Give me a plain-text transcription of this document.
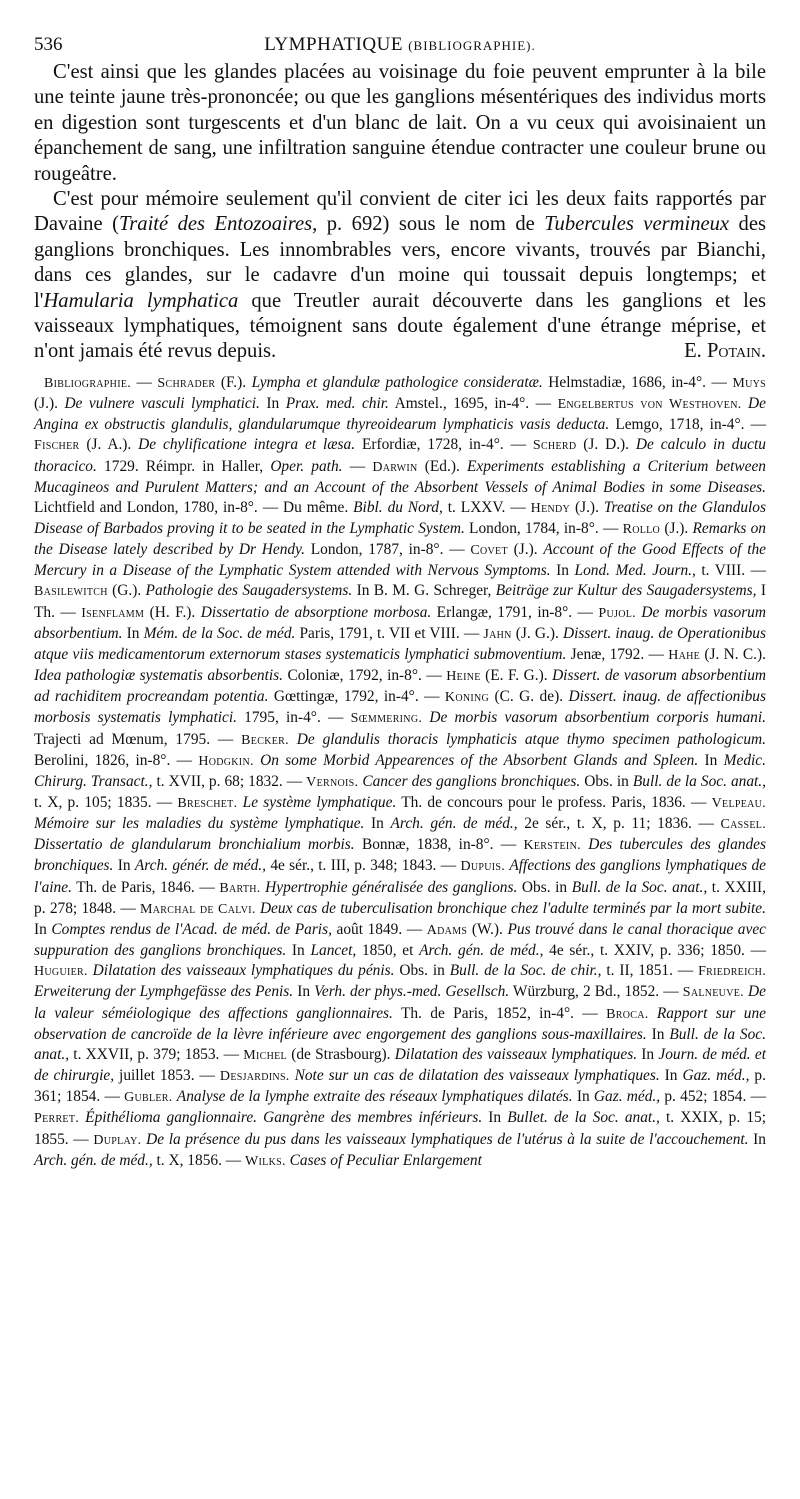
536	LYMPHATIQUE (BIBLIOGRAPHIE).

C'est ainsi que les glandes placées au voisinage du foie peuvent emprunter à la bile une teinte jaune très-prononcée; ou que les ganglions mésentériques des individus morts en digestion sont turgescents et d'un blanc de lait. On a vu ceux qui avoisinaient un épanchement de sang, une infiltration sanguine étendue contracter une couleur brune ou rougeâtre.

C'est pour mémoire seulement qu'il convient de citer ici les deux faits rapportés par Davaine (Traité des Entozoaires, p. 692) sous le nom de Tubercules vermineux des ganglions bronchiques. Les innombrables vers, encore vivants, trouvés par Bianchi, dans ces glandes, sur le cadavre d'un moine qui toussait depuis longtemps; et l'Hamularia lymphatica que Treutler aurait découverte dans les ganglions et les vaisseaux lymphatiques, témoignent sans doute également d'une étrange méprise, et n'ont jamais été revus depuis.	E. Potain.

Bibliographie. — Schrader (F.). Lympha et glandulæ pathologice consideratæ. Helmstadiæ, 1686, in-4°. — Muys (J.). De vulnere vasculi lymphatici. In Prax. med. chir. Amstel., 1695, in-4°. — Engelbertus von Westhoven. De Angina ex obstructis glandulis, glandularumque thyreoidearum lymphaticis vasis deducta. Lemgo, 1718, in-4°. — Fischer (J. A.). De chylificatione integra et læsa. Erfordiæ, 1728, in-4°. — Scherd (J. D.). De calculo in ductu thoracico. 1729. Réimpr. in Haller, Oper. path. — Darwin (Ed.). Experiments establishing a Criterium between Mucagineos and Purulent Matters; and an Account of the Absorbent Vessels of Animal Bodies in some Diseases. Lichtfield and London, 1780, in-8°. — Du même. Bibl. du Nord, t. LXXV. — Hendy (J.). Treatise on the Glandulos Disease of Barbados proving it to be seated in the Lymphatic System. London, 1784, in-8°. — Rollo (J.). Remarks on the Disease lately described by Dr Hendy. London, 1787, in-8°. — Covet (J.). Account of the Good Effects of the Mercury in a Disease of the Lymphatic System attended with Nervous Symptoms. In Lond. Med. Journ., t. VIII. — Basilewitch (G.). Pathologie des Saugadersystems. In B. M. G. Schreger, Beiträge zur Kultur des Saugadersystems, I Th. — Isenflamm (H. F.). Dissertatio de absorptione morbosa. Erlangæ, 1791, in-8°. — Pujol. De morbis vasorum absorbentium. In Mém. de la Soc. de méd. Paris, 1791, t. VII et VIII. — Jahn (J. G.). Dissert. inaug. de Operationibus atque viis medicamentorum externorum stases systematicis lymphatici submoventium. Jenæ, 1792. — Hahe (J. N. C.). Idea pathologiæ systematis absorbentis. Coloniæ, 1792, in-8°. — Heine (E. F. G.). Dissert. de vasorum absorbentium ad rachiditem procreandam potentia. Gœttingæ, 1792, in-4°. — Koning (C. G. de). Dissert. inaug. de affectionibus morbosis systematis lymphatici. 1795, in-4°. — Sœmmering. De morbis vasorum absorbentium corporis humani. Trajecti ad Mœnum, 1795. — Becker. De glandulis thoracis lymphaticis atque thymo specimen pathologicum. Berolini, 1826, in-8°. — Hodgkin. On some Morbid Appearences of the Absorbent Glands and Spleen. In Medic. Chirurg. Transact., t. XVII, p. 68; 1832. — Vernois. Cancer des ganglions bronchiques. Obs. in Bull. de la Soc. anat., t. X, p. 105; 1835. — Breschet. Le système lymphatique. Th. de concours pour le profess. Paris, 1836. — Velpeau. Mémoire sur les maladies du système lymphatique. In Arch. gén. de méd., 2e sér., t. X, p. 11; 1836. — Cassel. Dissertatio de glandularum bronchialium morbis. Bonnæ, 1838, in-8°. — Kerstein. Des tubercules des glandes bronchiques. In Arch. génér. de méd., 4e sér., t. III, p. 348; 1843. — Dupuis. Affections des ganglions lymphatiques de l'aine. Th. de Paris, 1846. — Barth. Hypertrophie généralisée des ganglions. Obs. in Bull. de la Soc. anat., t. XXIII, p. 278; 1848. — Marchal de Calvi. Deux cas de tuberculisation bronchique chez l'adulte terminés par la mort subite. In Comptes rendus de l'Acad. de méd. de Paris, août 1849. — Adams (W.). Pus trouvé dans le canal thoracique avec suppuration des ganglions bronchiques. In Lancet, 1850, et Arch. gén. de méd., 4e sér., t. XXIV, p. 336; 1850. — Huguier. Dilatation des vaisseaux lymphatiques du pénis. Obs. in Bull. de la Soc. de chir., t. II, 1851. — Friedreich. Erweiterung der Lymphgefässe des Penis. In Verh. der phys.-med. Gesellsch. Würzburg, 2 Bd., 1852. — Salneuve. De la valeur séméiologique des affections ganglionnaires. Th. de Paris, 1852, in-4°. — Broca. Rapport sur une observation de cancroïde de la lèvre inférieure avec engorgement des ganglions sous-maxillaires. In Bull. de la Soc. anat., t. XXVII, p. 379; 1853. — Michel (de Strasbourg). Dilatation des vaisseaux lymphatiques. In Journ. de méd. et de chirurgie, juillet 1853. — Desjardins. Note sur un cas de dilatation des vaisseaux lymphatiques. In Gaz. méd., p. 361; 1854. — Gubler. Analyse de la lymphe extraite des réseaux lymphatiques dilatés. In Gaz. méd., p. 452; 1854. — Perret. Épithélioma ganglionnaire. Gangrène des membres inférieurs. In Bullet. de la Soc. anat., t. XXIX, p. 15; 1855. — Duplay. De la présence du pus dans les vaisseaux lymphatiques de l'utérus à la suite de l'accouchement. In Arch. gén. de méd., t. X, 1856. — Wilks. Cases of Peculiar Enlargement
